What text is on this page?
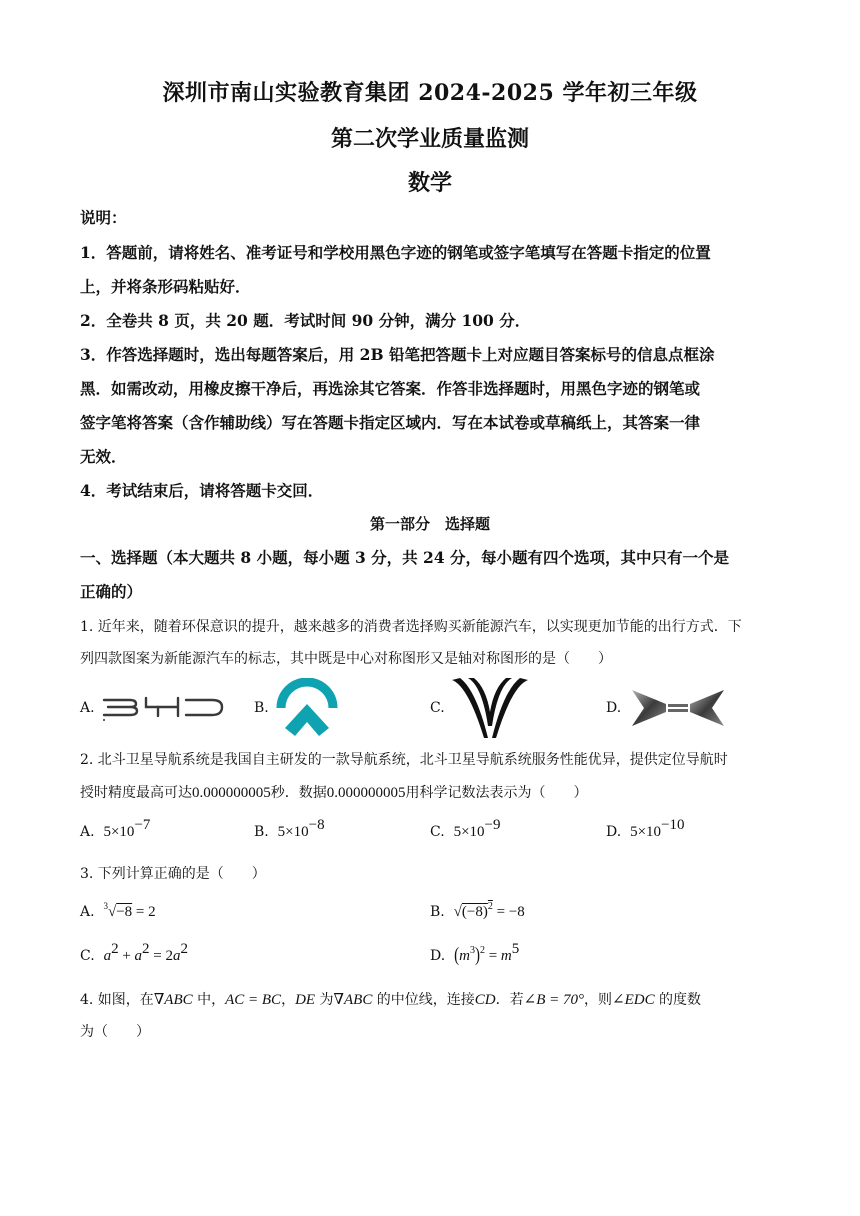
深圳市南山实验教育集团 2024-2025 学年初三年级
第二次学业质量监测
数学
说明：
1．答题前，请将姓名、准考证号和学校用黑色字迹的钢笔或签字笔填写在答题卡指定的位置
上，并将条形码粘贴好．
2．全卷共 8 页，共 20 题．考试时间 90 分钟，满分 100 分．
3．作答选择题时，选出每题答案后，用 2B 铅笔把答题卡上对应题目答案标号的信息点框涂
黑．如需改动，用橡皮擦干净后，再选涂其它答案．作答非选择题时，用黑色字迹的钢笔或
签字笔将答案（含作辅助线）写在答题卡指定区域内．写在本试卷或草稿纸上，其答案一律
无效．
4．考试结束后，请将答题卡交回．
第一部分　选择题
一、选择题（本大题共 8 小题，每小题 3 分，共 24 分，每小题有四个选项，其中只有一个是
正确的）
1. 近年来，随着环保意识的提升，越来越多的消费者选择购买新能源汽车，以实现更加节能的出行方式．下
列四款图案为新能源汽车的标志，其中既是中心对称图形又是轴对称图形的是（　　）
A.	B.	C.	D.
2. 北斗卫星导航系统是我国自主研发的一款导航系统，北斗卫星导航系统服务性能优异，提供定位导航时
授时精度最高可达0.000000005秒．数据0.000000005用科学记数法表示为（　　）
A. $5\times 10^{-7}$	B. $5\times 10^{-8}$	C. $5\times 10^{-9}$	D. $5\times 10^{-10}$
3. 下列计算正确的是（　　）
A. $^3$√−8 = 2	B. $√(-8)^2 = -8$
C. $a^2 + a^2 = 2a^2$	D. $(m^3)^2 = m^5$
4. 如图，在∇ABC 中，AC = BC，DE 为∇ABC 的中位线，连接CD．若∠B = 70°，则∠EDC 的度数
为（　　）
